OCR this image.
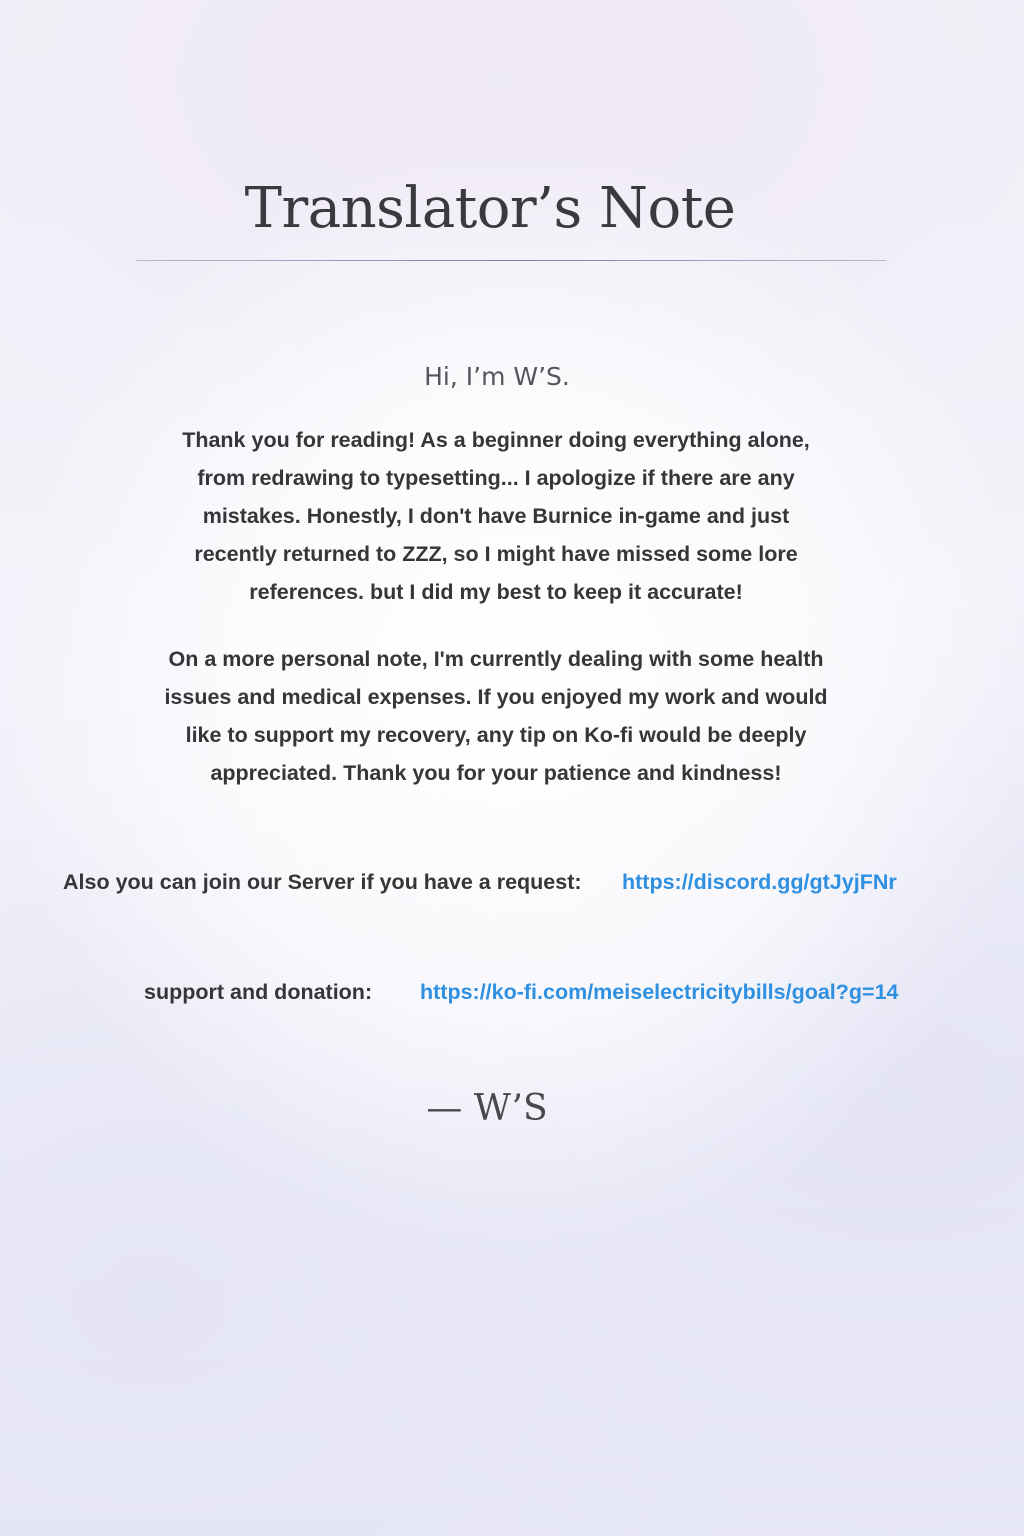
Translator’s Note

Hi, I’m W’S.

Thank you for reading! As a beginner doing everything alone, from redrawing to typesetting... I apologize if there are any mistakes. Honestly, I don't have Burnice in-game and just recently returned to ZZZ, so I might have missed some lore references. but I did my best to keep it accurate!

On a more personal note, I'm currently dealing with some health issues and medical expenses. If you enjoyed my work and would like to support my recovery, any tip on Ko-fi would be deeply appreciated. Thank you for your patience and kindness!

Also you can join our Server if you have a request: https://discord.gg/gtJyjFNr
support and donation: https://ko-fi.com/meiselectricitybills/goal?g=14

— W’S
